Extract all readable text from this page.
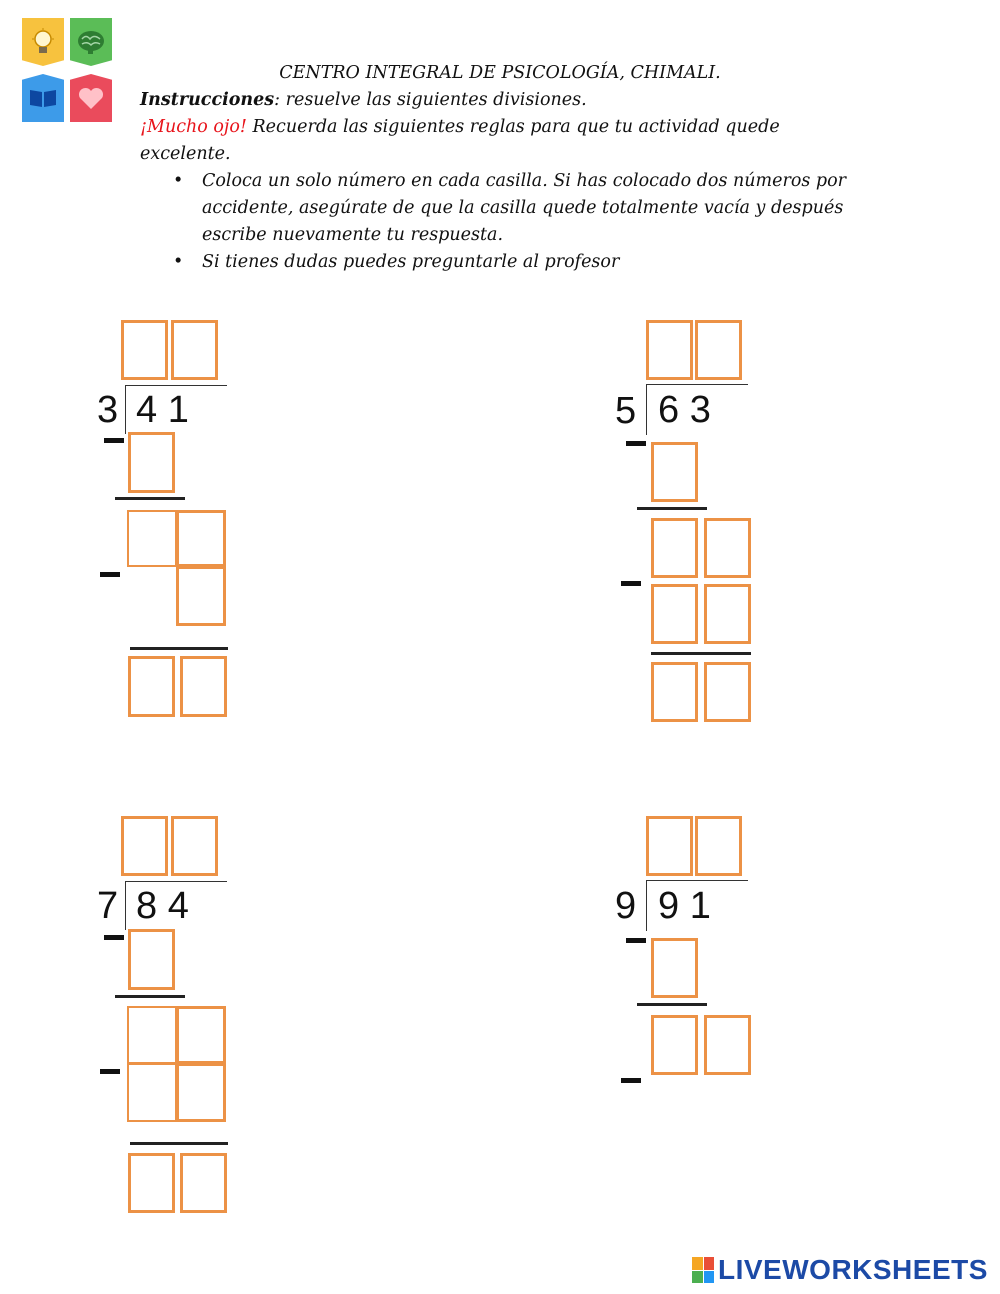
CENTRO INTEGRAL DE PSICOLOGÍA, CHIMALI.
Instrucciones: resuelve las siguientes divisiones.
¡Mucho ojo! Recuerda las siguientes reglas para que tu actividad quede excelente.
• Coloca un solo número en cada casilla. Si has colocado dos números por accidente, asegúrate de que la casilla quede totalmente vacía y después escribe nuevamente tu respuesta.
• Si tienes dudas puedes preguntarle al profesor
3 4 1	5 6 3
7 8 4	9 9 1
LIVEWORKSHEETS
